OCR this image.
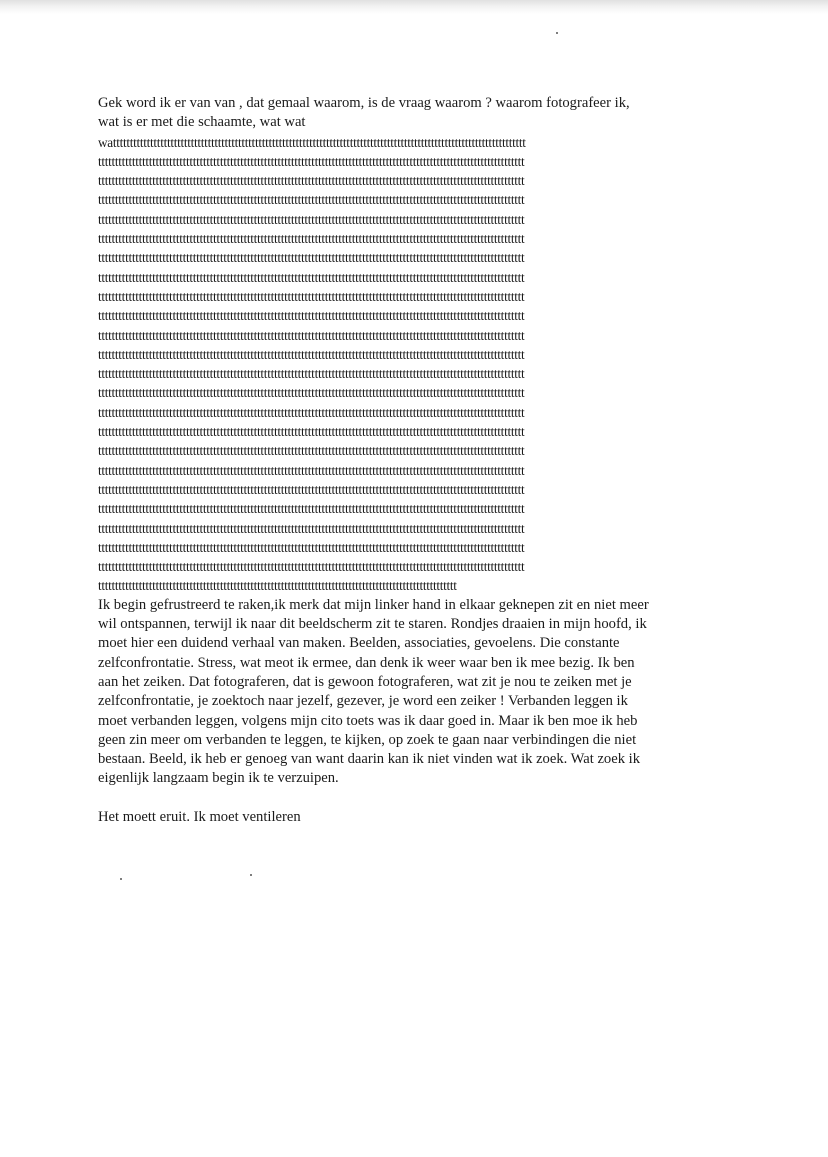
Gek word ik er van van , dat gemaal waarom, is de vraag waarom ? waarom fotografeer ik,

wat is er met die schaamte, wat wat

watttttttttttttttttttttttttttttttttttttttttttttttttttttttttttttttttttttttttttttttttttttttttttttttttttttttttttttttttttttttttt

tttttttttttttttttttttttttttttttttttttttttttttttttttttttttttttttttttttttttttttttttttttttttttttttttttttttttttttttttttttttttttttt

tttttttttttttttttttttttttttttttttttttttttttttttttttttttttttttttttttttttttttttttttttttttttttttttttttttttttttttttttttttttttttttt

tttttttttttttttttttttttttttttttttttttttttttttttttttttttttttttttttttttttttttttttttttttttttttttttttttttttttttttttttttttttttttttt

tttttttttttttttttttttttttttttttttttttttttttttttttttttttttttttttttttttttttttttttttttttttttttttttttttttttttttttttttttttttttttttt

tttttttttttttttttttttttttttttttttttttttttttttttttttttttttttttttttttttttttttttttttttttttttttttttttttttttttttttttttttttttttttttt

tttttttttttttttttttttttttttttttttttttttttttttttttttttttttttttttttttttttttttttttttttttttttttttttttttttttttttttttttttttttttttttt

tttttttttttttttttttttttttttttttttttttttttttttttttttttttttttttttttttttttttttttttttttttttttttttttttttttttttttttttttttttttttttttt

tttttttttttttttttttttttttttttttttttttttttttttttttttttttttttttttttttttttttttttttttttttttttttttttttttttttttttttttttttttttttttttt

tttttttttttttttttttttttttttttttttttttttttttttttttttttttttttttttttttttttttttttttttttttttttttttttttttttttttttttttttttttttttttttt

tttttttttttttttttttttttttttttttttttttttttttttttttttttttttttttttttttttttttttttttttttttttttttttttttttttttttttttttttttttttttttttt

tttttttttttttttttttttttttttttttttttttttttttttttttttttttttttttttttttttttttttttttttttttttttttttttttttttttttttttttttttttttttttttt

tttttttttttttttttttttttttttttttttttttttttttttttttttttttttttttttttttttttttttttttttttttttttttttttttttttttttttttttttttttttttttttt

tttttttttttttttttttttttttttttttttttttttttttttttttttttttttttttttttttttttttttttttttttttttttttttttttttttttttttttttttttttttttttttt

tttttttttttttttttttttttttttttttttttttttttttttttttttttttttttttttttttttttttttttttttttttttttttttttttttttttttttttttttttttttttttttt

tttttttttttttttttttttttttttttttttttttttttttttttttttttttttttttttttttttttttttttttttttttttttttttttttttttttttttttttttttttttttttttt

tttttttttttttttttttttttttttttttttttttttttttttttttttttttttttttttttttttttttttttttttttttttttttttttttttttttttttttttttttttttttttttt

tttttttttttttttttttttttttttttttttttttttttttttttttttttttttttttttttttttttttttttttttttttttttttttttttttttttttttttttttttttttttttttt

tttttttttttttttttttttttttttttttttttttttttttttttttttttttttttttttttttttttttttttttttttttttttttttttttttttttttttttttttttttttttttttt

tttttttttttttttttttttttttttttttttttttttttttttttttttttttttttttttttttttttttttttttttttttttttttttttttttttttttttttttttttttttttttttt

tttttttttttttttttttttttttttttttttttttttttttttttttttttttttttttttttttttttttttttttttttttttttttttttttttttttttttttttttttttttttttttt

tttttttttttttttttttttttttttttttttttttttttttttttttttttttttttttttttttttttttttttttttttttttttttttttttttttttttttttttttttttttttttttt

tttttttttttttttttttttttttttttttttttttttttttttttttttttttttttttttttttttttttttttttttttttttttttttttttttttttttttttttttttttttttttttt

tttttttttttttttttttttttttttttttttttttttttttttttttttttttttttttttttttttttttttttttttttttttttttttttttttttttttt

Ik begin gefrustreerd te raken,ik merk dat mijn linker hand in elkaar geknepen zit en niet meer

wil ontspannen, terwijl ik naar dit beeldscherm zit te staren. Rondjes draaien in mijn hoofd, ik

moet hier een duidend verhaal van maken. Beelden, associaties, gevoelens. Die constante

zelfconfrontatie. Stress, wat meot ik ermee, dan denk ik weer waar ben ik mee bezig. Ik ben

aan het zeiken. Dat fotograferen, dat is gewoon fotograferen, wat zit je nou te zeiken met je

zelfconfrontatie, je zoektoch naar jezelf, gezever, je word een zeiker ! Verbanden leggen ik

moet verbanden leggen, volgens mijn cito toets was ik daar goed in. Maar ik ben moe ik heb

geen zin meer om verbanden te leggen, te kijken, op zoek te gaan naar verbindingen die niet

bestaan. Beeld, ik heb er genoeg van want daarin kan ik niet vinden wat ik zoek. Wat zoek ik

eigenlijk langzaam begin ik te verzuipen.

Het moett eruit. Ik moet ventileren
